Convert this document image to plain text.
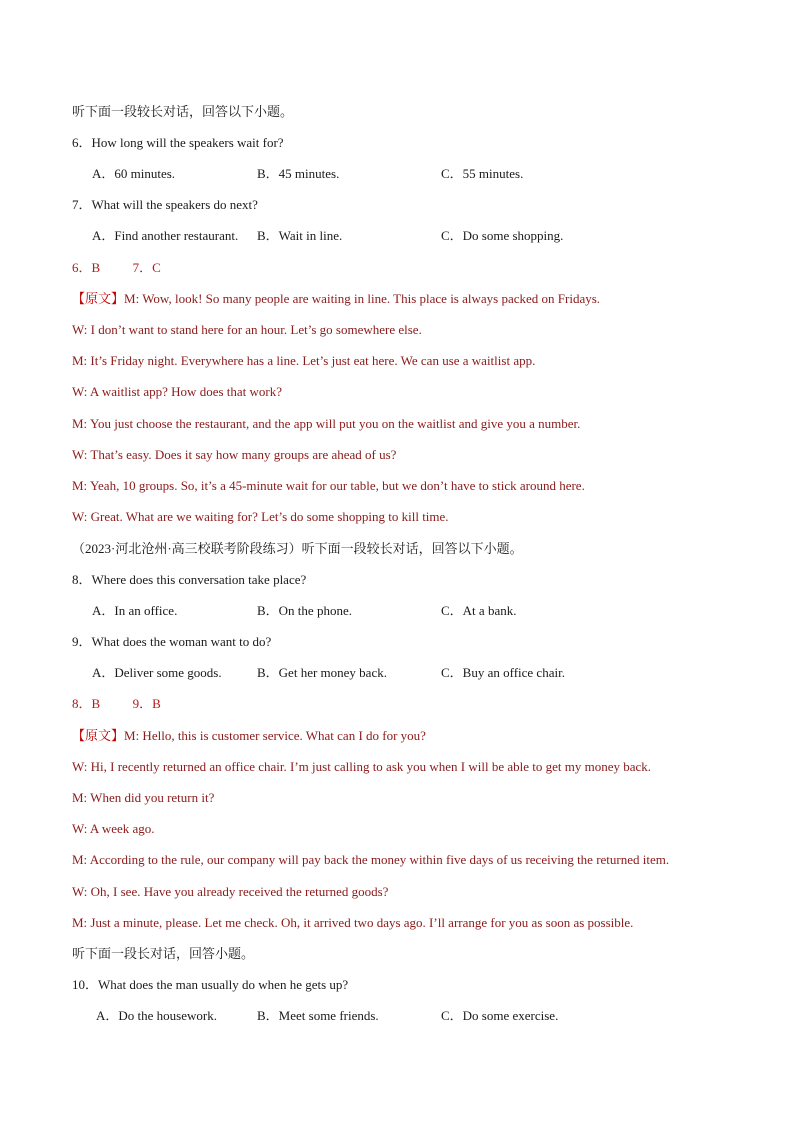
听下面一段较长对话，回答以下小题。
6．How long will the speakers wait for?
A．60 minutes.	B．45 minutes.	C．55 minutes.
7．What will the speakers do next?
A．Find another restaurant. B．Wait in line.	C．Do some shopping.
6．B	7．C
【原文】M: Wow, look! So many people are waiting in line. This place is always packed on Fridays.
W: I don’t want to stand here for an hour. Let’s go somewhere else.
M: It’s Friday night. Everywhere has a line. Let’s just eat here. We can use a waitlist app.
W: A waitlist app? How does that work?
M: You just choose the restaurant, and the app will put you on the waitlist and give you a number.
W: That’s easy. Does it say how many groups are ahead of us?
M: Yeah, 10 groups. So, it’s a 45-minute wait for our table, but we don’t have to stick around here.
W: Great. What are we waiting for? Let’s do some shopping to kill time.
（2023·河北沧州·高三校联考阶段练习）听下面一段较长对话，回答以下小题。
8．Where does this conversation take place?
A．In an office.	B．On the phone.	C．At a bank.
9．What does the woman want to do?
A．Deliver some goods.	B．Get her money back.	C．Buy an office chair.
8．B	9．B
【原文】M: Hello, this is customer service. What can I do for you?
W: Hi, I recently returned an office chair. I’m just calling to ask you when I will be able to get my money back.
M: When did you return it?
W: A week ago.
M: According to the rule, our company will pay back the money within five days of us receiving the returned item.
W: Oh, I see. Have you already received the returned goods?
M: Just a minute, please. Let me check. Oh, it arrived two days ago. I’ll arrange for you as soon as possible.
听下面一段长对话，回答小题。
10．What does the man usually do when he gets up?
A．Do the housework.	B．Meet some friends.	C．Do some exercise.
